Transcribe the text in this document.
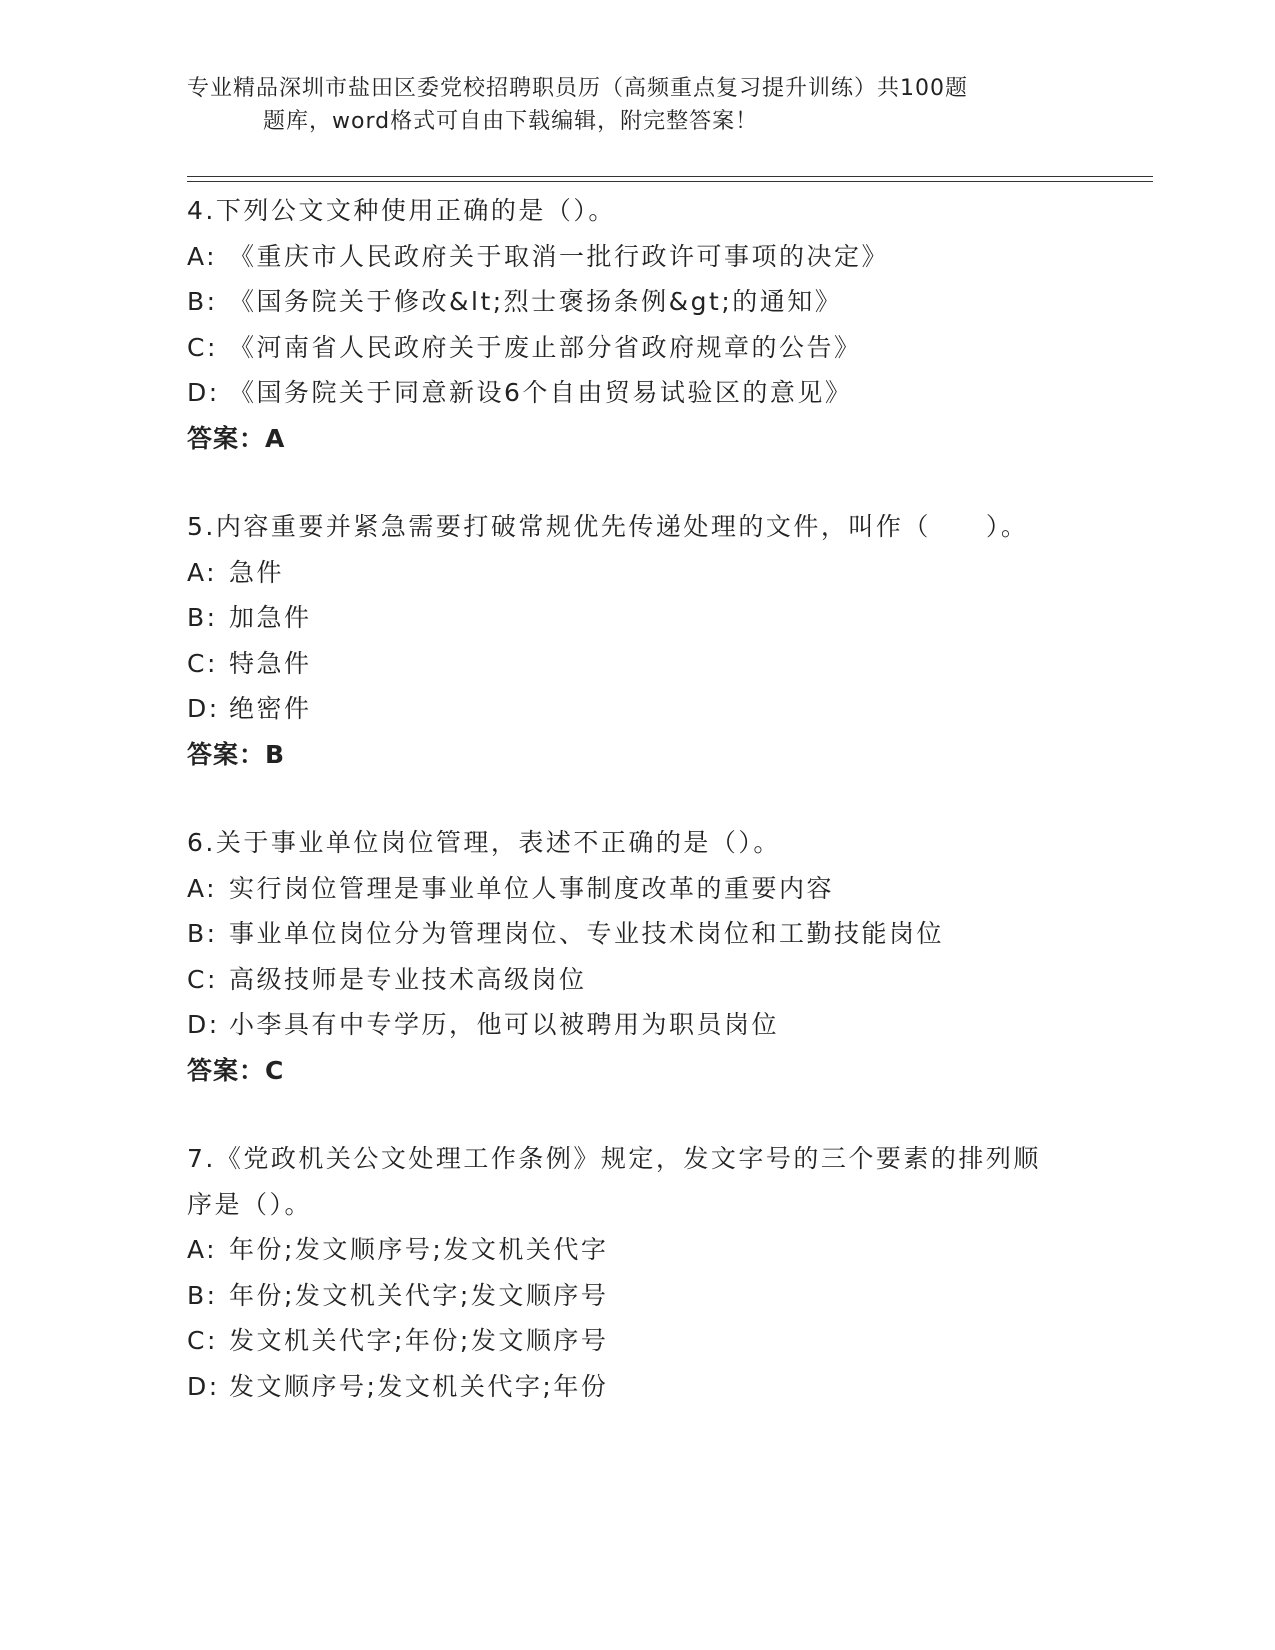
专业精品深圳市盐田区委党校招聘职员历（高频重点复习提升训练）共100题
题库，word格式可自由下载编辑，附完整答案！
4.下列公文文种使用正确的是（）。
A: 《重庆市人民政府关于取消一批行政许可事项的决定》
B: 《国务院关于修改&lt;烈士褒扬条例&gt;的通知》
C: 《河南省人民政府关于废止部分省政府规章的公告》
D: 《国务院关于同意新设6个自由贸易试验区的意见》
答案：A
5.内容重要并紧急需要打破常规优先传递处理的文件，叫作（　　）。
A: 急件
B: 加急件
C: 特急件
D: 绝密件
答案：B
6.关于事业单位岗位管理，表述不正确的是（）。
A: 实行岗位管理是事业单位人事制度改革的重要内容
B: 事业单位岗位分为管理岗位、专业技术岗位和工勤技能岗位
C: 高级技师是专业技术高级岗位
D: 小李具有中专学历，他可以被聘用为职员岗位
答案：C
7.《党政机关公文处理工作条例》规定，发文字号的三个要素的排列顺序是（）。
A: 年份;发文顺序号;发文机关代字
B: 年份;发文机关代字;发文顺序号
C: 发文机关代字;年份;发文顺序号
D: 发文顺序号;发文机关代字;年份
